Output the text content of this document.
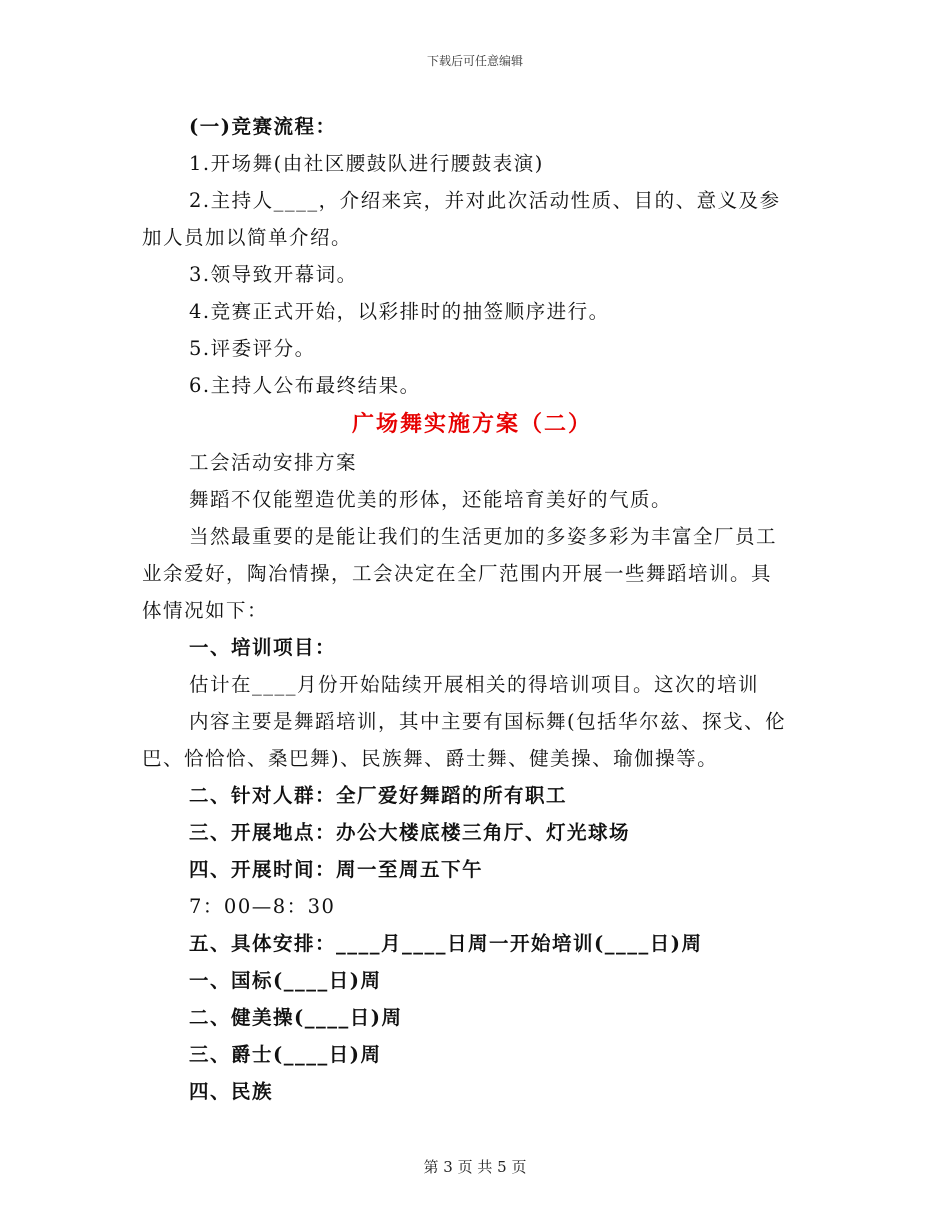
下载后可任意编辑
(一)竞赛流程：
1.开场舞(由社区腰鼓队进行腰鼓表演)
2.主持人____，介绍来宾，并对此次活动性质、目的、意义及参
加人员加以简单介绍。
3.领导致开幕词。
4.竞赛正式开始，以彩排时的抽签顺序进行。
5.评委评分。
6.主持人公布最终结果。
广场舞实施方案（二）
工会活动安排方案
舞蹈不仅能塑造优美的形体，还能培育美好的气质。
当然最重要的是能让我们的生活更加的多姿多彩为丰富全厂员工
业余爱好，陶冶情操，工会决定在全厂范围内开展一些舞蹈培训。具
体情况如下：
一、培训项目：
估计在____月份开始陆续开展相关的得培训项目。这次的培训
内容主要是舞蹈培训，其中主要有国标舞(包括华尔兹、探戈、伦
巴、恰恰恰、桑巴舞)、民族舞、爵士舞、健美操、瑜伽操等。
二、针对人群：全厂爱好舞蹈的所有职工
三、开展地点：办公大楼底楼三角厅、灯光球场
四、开展时间：周一至周五下午
7：00—8：30
五、具体安排：____月____日周一开始培训(____日)周
一、国标(____日)周
二、健美操(____日)周
三、爵士(____日)周
四、民族
第 3 页 共 5 页
